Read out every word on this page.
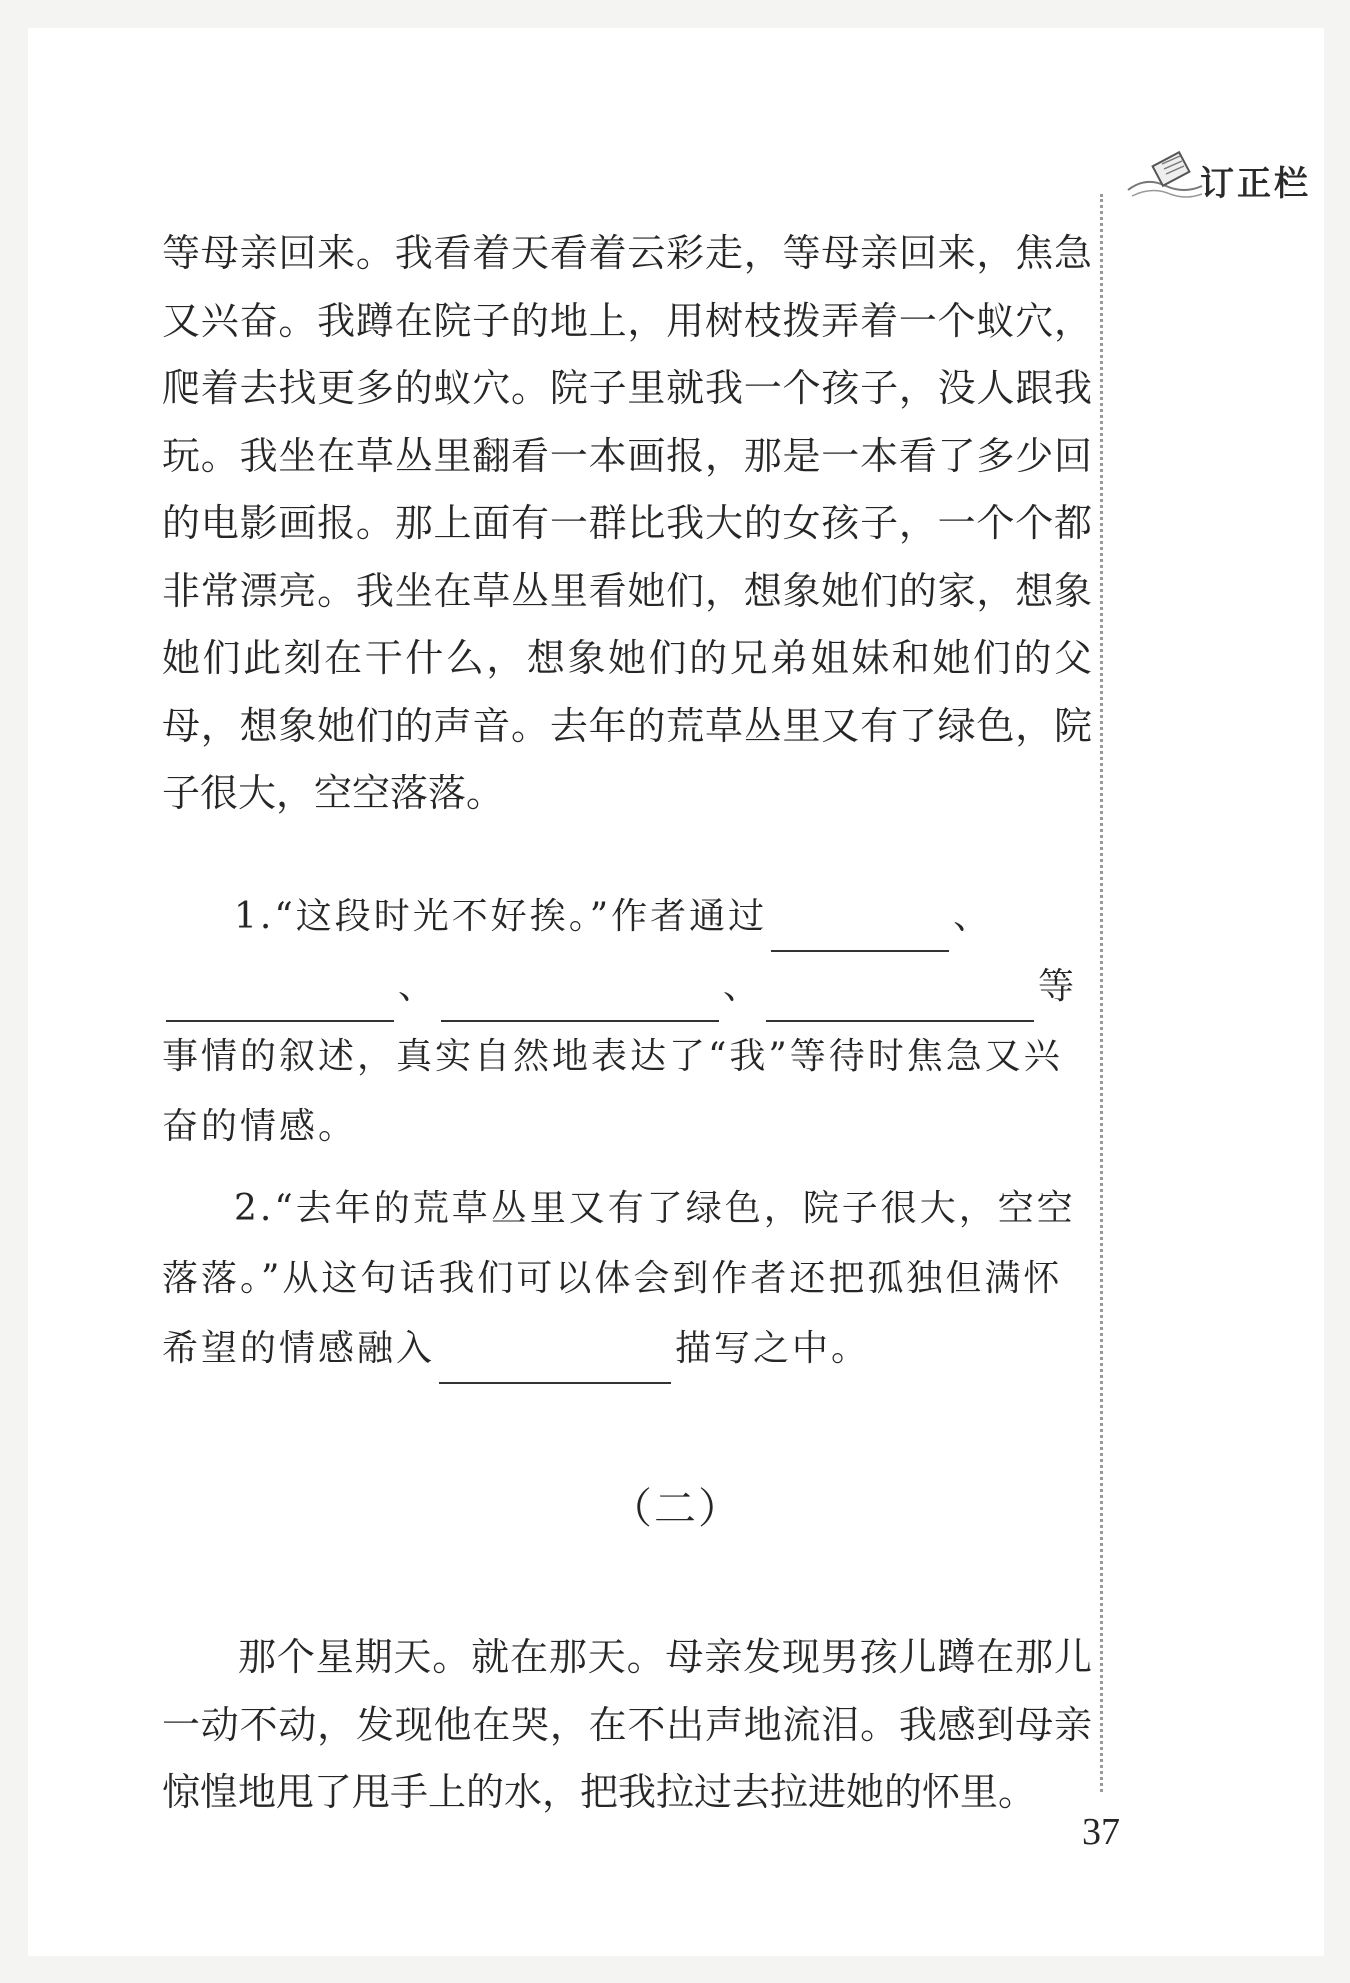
订正栏

等母亲回来。我看着天看着云彩走，等母亲回来，焦急又兴奋。我蹲在院子的地上，用树枝拨弄着一个蚁穴，爬着去找更多的蚁穴。院子里就我一个孩子，没人跟我玩。我坐在草丛里翻看一本画报，那是一本看了多少回的电影画报。那上面有一群比我大的女孩子，一个个都非常漂亮。我坐在草丛里看她们，想象她们的家，想象她们此刻在干什么，想象她们的兄弟姐妹和她们的父母，想象她们的声音。去年的荒草丛里又有了绿色，院子很大，空空落落。

1.“这段时光不好挨。”作者通过	、、	、	等事情的叙述，真实自然地表达了“我”等待时焦急又兴奋的情感。

2.“去年的荒草丛里又有了绿色，院子很大，空空落落。”从这句话我们可以体会到作者还把孤独但满怀希望的情感融入	描写之中。

（二）

那个星期天。就在那天。母亲发现男孩儿蹲在那儿一动不动，发现他在哭，在不出声地流泪。我感到母亲惊惶地甩了甩手上的水，把我拉过去拉进她的怀里。

37
